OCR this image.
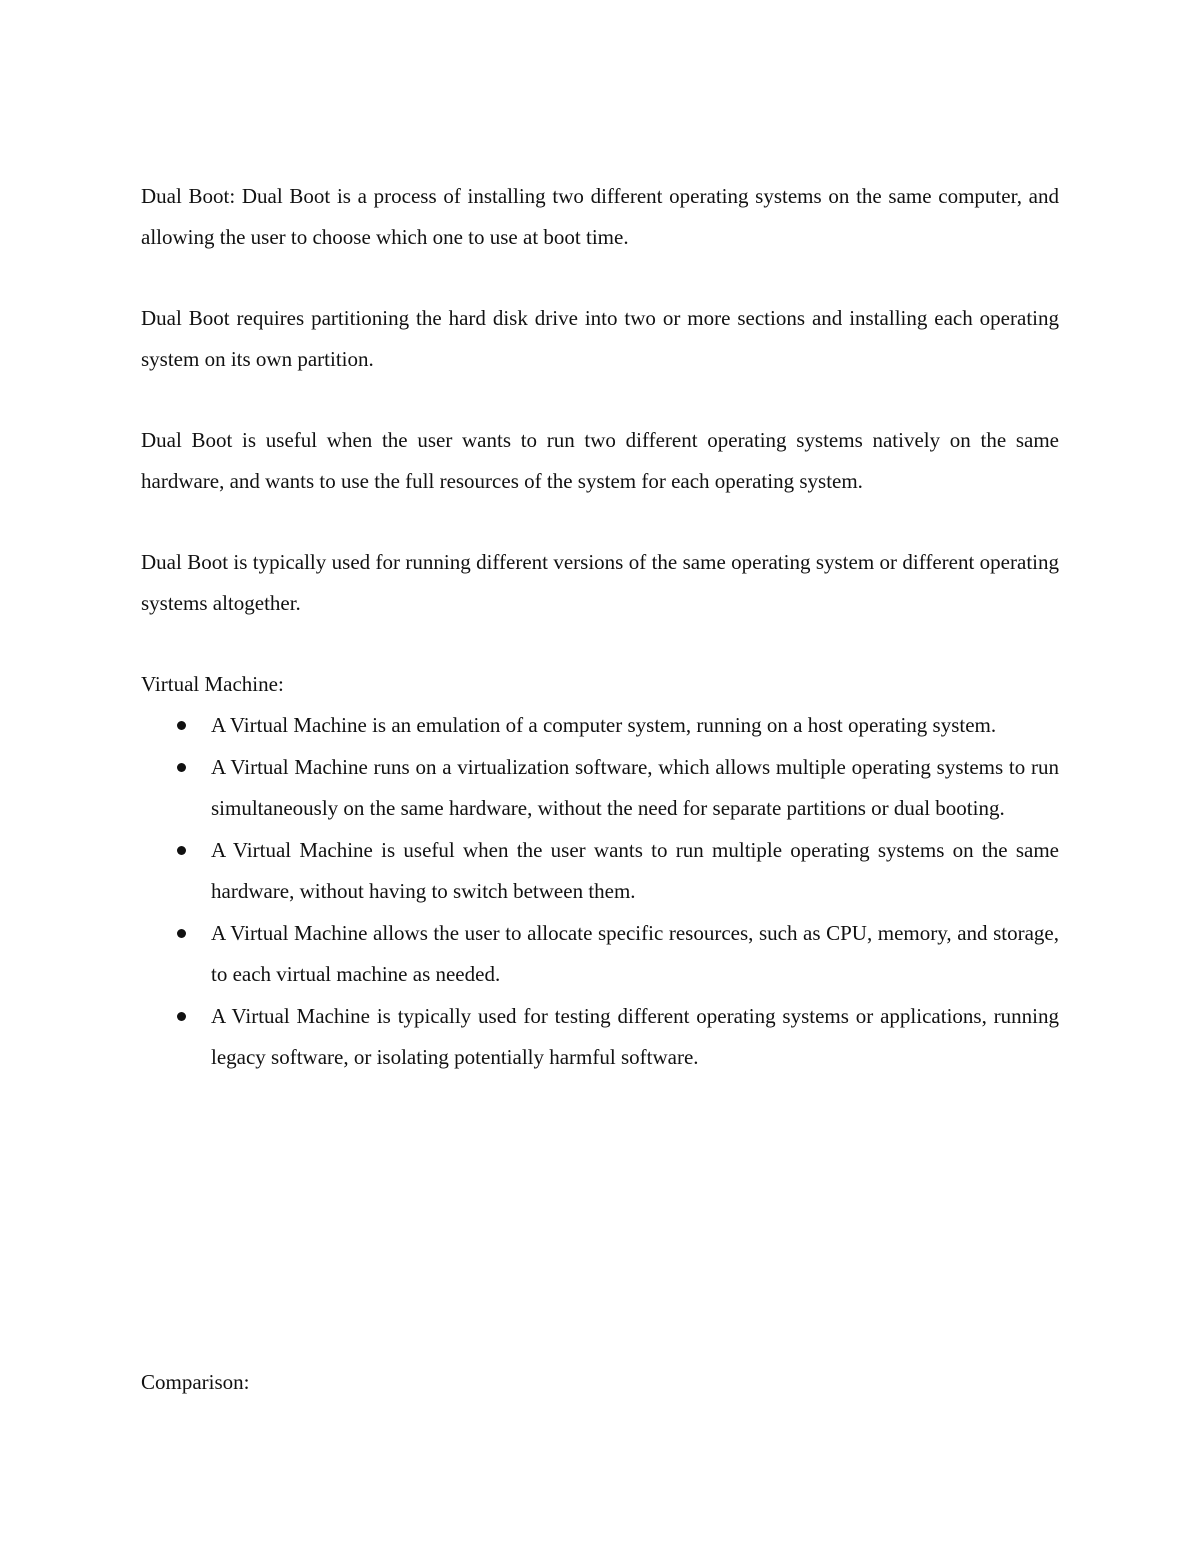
Dual Boot: Dual Boot is a process of installing two different operating systems on the same computer, and allowing the user to choose which one to use at boot time.

Dual Boot requires partitioning the hard disk drive into two or more sections and installing each operating system on its own partition.

Dual Boot is useful when the user wants to run two different operating systems natively on the same hardware, and wants to use the full resources of the system for each operating system.

Dual Boot is typically used for running different versions of the same operating system or different operating systems altogether.

Virtual Machine:

A Virtual Machine is an emulation of a computer system, running on a host operating system.
A Virtual Machine runs on a virtualization software, which allows multiple operating systems to run simultaneously on the same hardware, without the need for separate partitions or dual booting.
A Virtual Machine is useful when the user wants to run multiple operating systems on the same hardware, without having to switch between them.
A Virtual Machine allows the user to allocate specific resources, such as CPU, memory, and storage, to each virtual machine as needed.
A Virtual Machine is typically used for testing different operating systems or applications, running legacy software, or isolating potentially harmful software.

Comparison:
